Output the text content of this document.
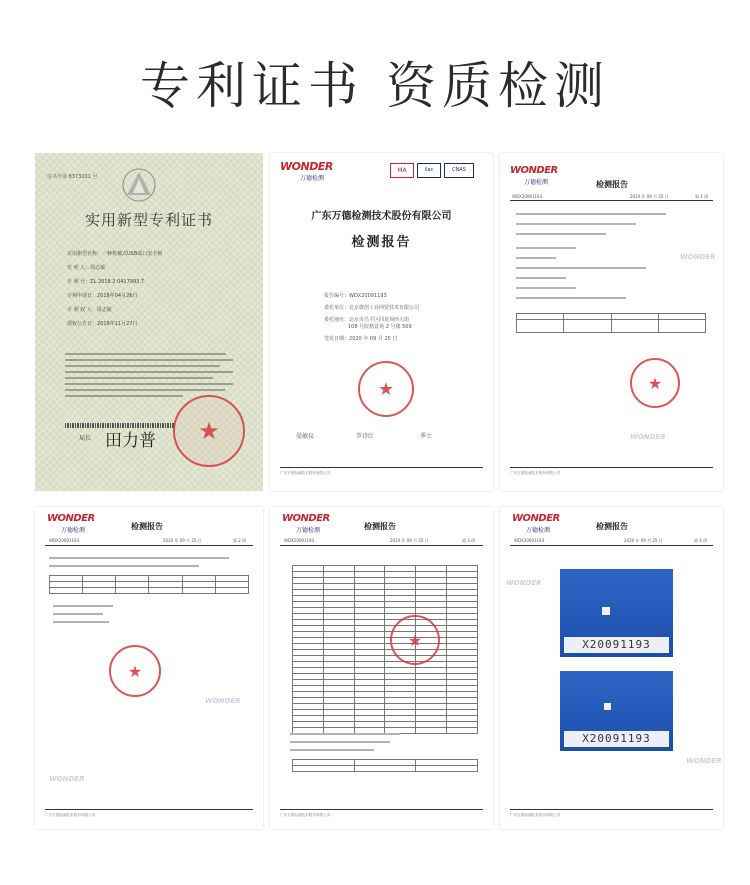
专利证书 资质检测
证书号第 8373201 号
实用新型专利证书
实用新型名称：一种机械式USB端口安全锁
发 明 人：周志敏
专 利 号：ZL 2018 2 0417993.7
专利申请日：2018年04月26日
专 利 权 人：周志敏
授权公告日：2018年11月27日
★
局长 田力普
WONDER
万德检测
MA	ilac	CNAS
广东万德检测技术股份有限公司
检测报告
报告编号：WDX20091193
委托单位：北京微创工业网贸技术有限公司
委托地址：北京市昌平区回龙观西大街
108 号院格景苑 2 号楼 509
签发日期：2020 年 09 月 25 日
★
晏敏仪	罗诗红	季立
广东万德检测技术股份有限公司
WONDER
万德检测	检测报告
WDX20091193	2020 年 09 月 25 日	第 1 /4

★
WONDER
WONDER
广东万德检测技术股份有限公司
WONDER
万德检测	检测报告
WDX20091193	2020 年 09 月 25 日	第 2 /4

★
WONDER
WONDER
广东万德检测技术股份有限公司
WONDER
万德检测	检测报告
WDX20091193	2020 年 09 月 25 日	第 3 /4

★

广东万德检测技术股份有限公司
WONDER
万德检测	检测报告
WDX20091193	2020 年 09 月 25 日	第 4 /4
X20091193
X20091193
WONDER
WONDER
广东万德检测技术股份有限公司
